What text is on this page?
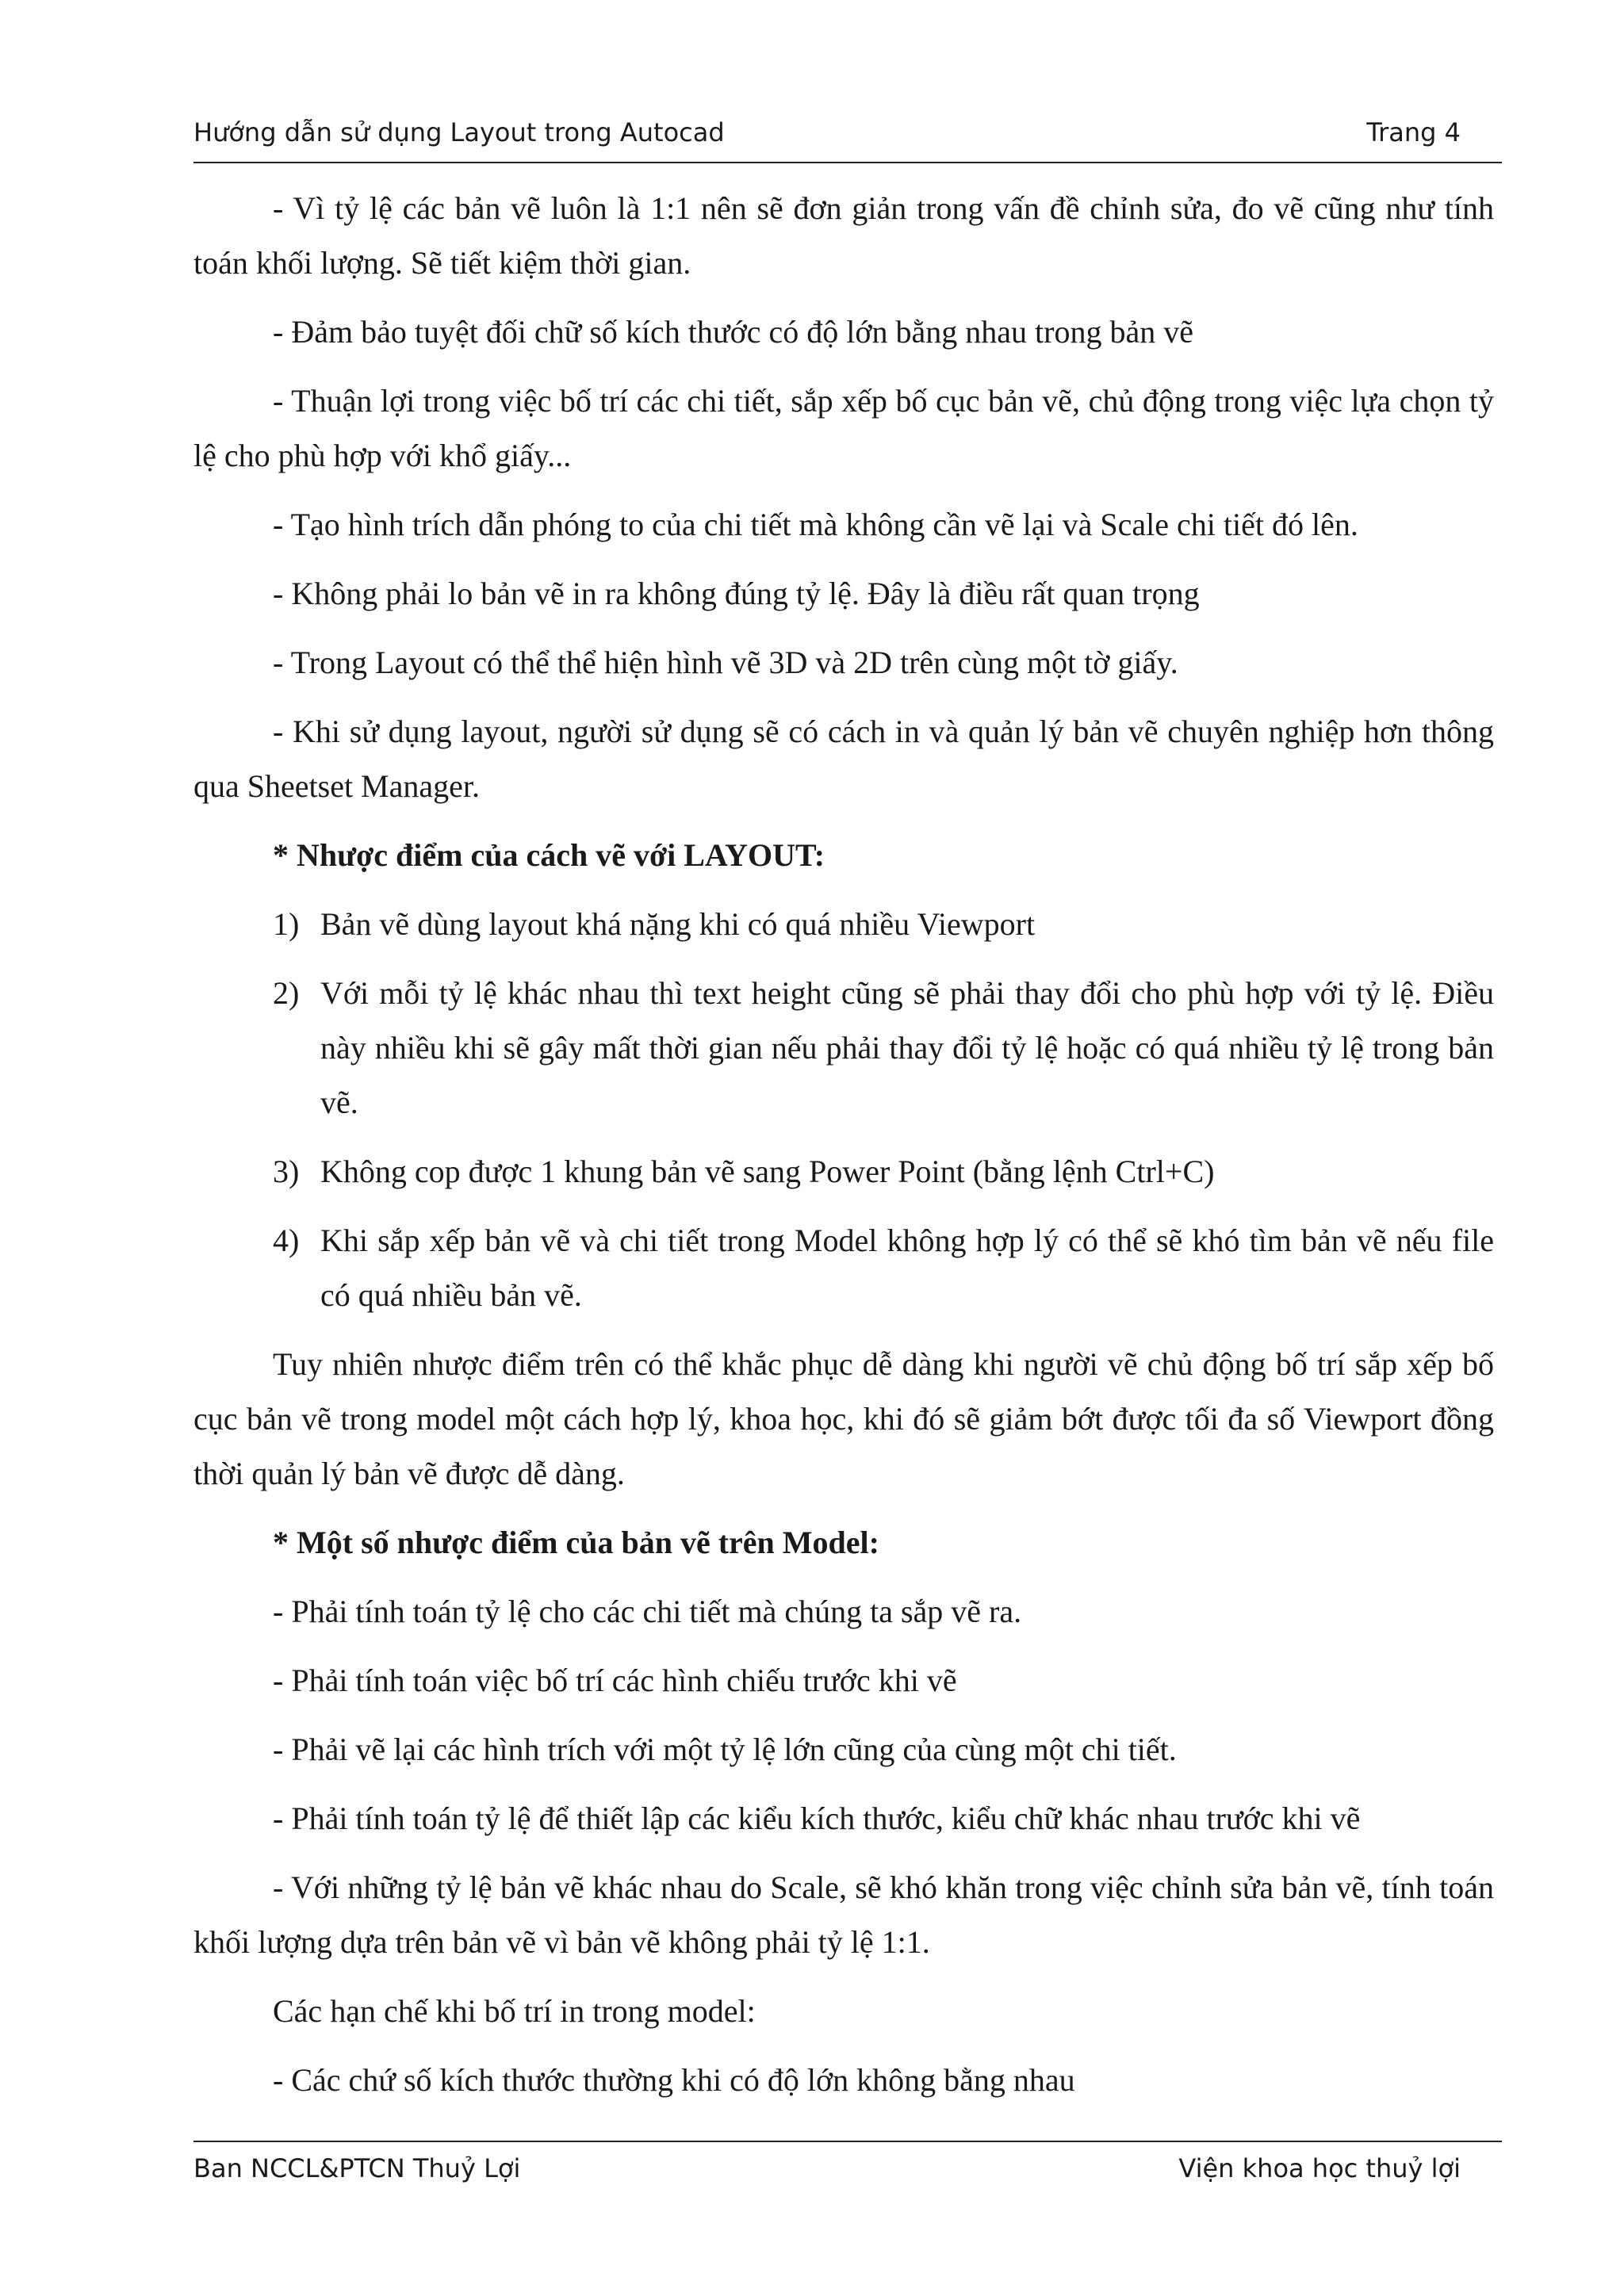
Hướng dẫn sử dụng Layout trong Autocad	Trang 4

- Vì tỷ lệ các bản vẽ luôn là 1:1 nên sẽ đơn giản trong vấn đề chỉnh sửa, đo vẽ cũng như tính toán khối lượng. Sẽ tiết kiệm thời gian.

- Đảm bảo tuyệt đối chữ số kích thước có độ lớn bằng nhau trong bản vẽ

- Thuận lợi trong việc bố trí các chi tiết, sắp xếp bố cục bản vẽ, chủ động trong việc lựa chọn tỷ lệ cho phù hợp với khổ giấy...

- Tạo hình trích dẫn phóng to của chi tiết mà không cần vẽ lại và Scale chi tiết đó lên.

- Không phải lo bản vẽ in ra không đúng tỷ lệ. Đây là điều rất quan trọng

- Trong Layout có thể thể hiện hình vẽ 3D và 2D trên cùng một tờ giấy.

- Khi sử dụng layout, người sử dụng sẽ có cách in và quản lý bản vẽ chuyên nghiệp hơn thông qua Sheetset Manager.

* Nhược điểm của cách vẽ với LAYOUT:
1) Bản vẽ dùng layout khá nặng khi có quá nhiều Viewport
2) Với mỗi tỷ lệ khác nhau thì text height cũng sẽ phải thay đổi cho phù hợp với tỷ lệ. Điều này nhiều khi sẽ gây mất thời gian nếu phải thay đổi tỷ lệ hoặc có quá nhiều tỷ lệ trong bản vẽ.
3) Không cop được 1 khung bản vẽ sang Power Point (bằng lệnh Ctrl+C)
4) Khi sắp xếp bản vẽ và chi tiết trong Model không hợp lý có thể sẽ khó tìm bản vẽ nếu file có quá nhiều bản vẽ.

Tuy nhiên nhược điểm trên có thể khắc phục dễ dàng khi người vẽ chủ động bố trí sắp xếp bố cục bản vẽ trong model một cách hợp lý, khoa học, khi đó sẽ giảm bớt được tối đa số Viewport đồng thời quản lý bản vẽ được dễ dàng.

* Một số nhược điểm của bản vẽ trên Model:

- Phải tính toán tỷ lệ cho các chi tiết mà chúng ta sắp vẽ ra.

- Phải tính toán việc bố trí các hình chiếu trước khi vẽ

- Phải vẽ lại các hình trích với một tỷ lệ lớn cũng của cùng một chi tiết.

- Phải tính toán tỷ lệ để thiết lập các kiểu kích thước, kiểu chữ khác nhau trước khi vẽ

- Với những tỷ lệ bản vẽ khác nhau do Scale, sẽ khó khăn trong việc chỉnh sửa bản vẽ, tính toán khối lượng dựa trên bản vẽ vì bản vẽ không phải tỷ lệ 1:1.

Các hạn chế khi bố trí in trong model:

- Các chứ số kích thước thường khi có độ lớn không bằng nhau

Ban NCCL&PTCN Thuỷ Lợi	Viện khoa học thuỷ lợi
